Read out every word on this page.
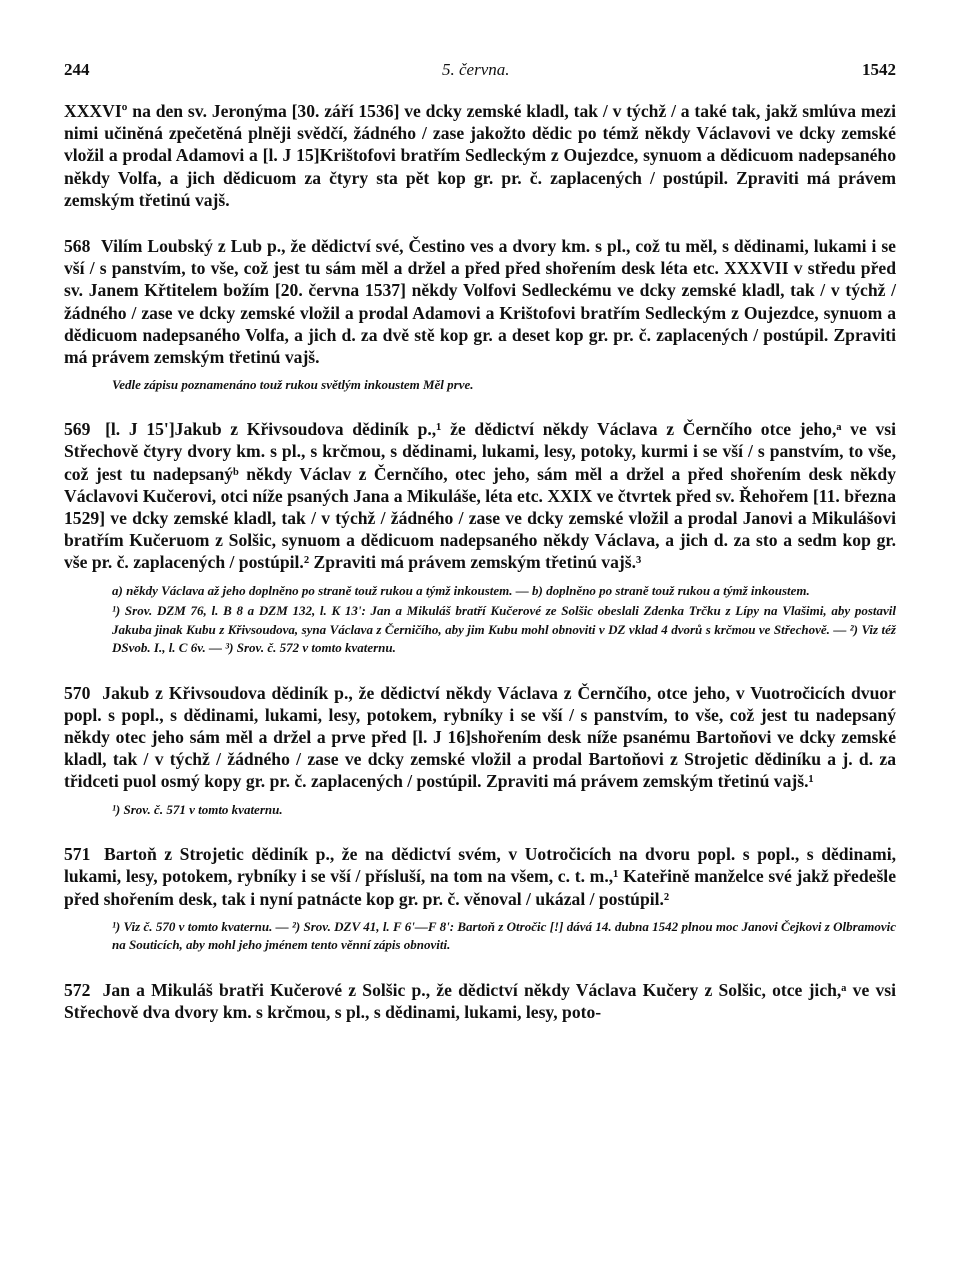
244	5. června.	1542
XXXVIº na den sv. Jeronýma [30. září 1536] ve dcky zemské kladl, tak / v týchž / a také tak, jakž smlúva mezi nimi učiněná zpečetěná plněji svědčí, žádného / zase jakožto dědic po témž někdy Václavovi ve dcky zemské vložil a prodal Adamovi a [l. J 15]Krištofovi bratřím Sedleckým z Oujezdce, synuom a dědicuom nadepsaného někdy Volfa, a jich dědicuom za čtyry sta pět kop gr. pr. č. zaplacených / postúpil. Zpraviti má právem zemským třetinú vajš.
568 Vilím Loubský z Lub p., že dědictví své, Čestino ves a dvory km. s pl., což tu měl, s dědinami, lukami i se vší / s panstvím, to vše, což jest tu sám měl a držel a před před shořením desk léta etc. XXXVII v středu před sv. Janem Křtitelem božím [20. června 1537] někdy Volfovi Sedleckému ve dcky zemské kladl, tak / v týchž / žádného / zase ve dcky zemské vložil a prodal Adamovi a Krištofovi bratřím Sedleckým z Oujezdce, synuom a dědicuom nadepsaného Volfa, a jich d. za dvě stě kop gr. a deset kop gr. pr. č. zaplacených / postúpil. Zpraviti má právem zemským třetinú vajš.
Vedle zápisu poznamenáno touž rukou světlým inkoustem Měl prve.
569 [l. J 15']Jakub z Křivsoudova dědiník p.,¹ že dědictví někdy Václava z Černčího otce jeho,ᵃ ve vsi Střechově čtyry dvory km. s pl., s krčmou, s dědinami, lukami, lesy, potoky, kurmi i se vší / s panstvím, to vše, což jest tu nadepsanýᵇ někdy Václav z Černčího, otec jeho, sám měl a držel a před shořením desk někdy Václavovi Kučerovi, otci níže psaných Jana a Mikuláše, léta etc. XXIX ve čtvrtek před sv. Řehořem [11. března 1529] ve dcky zemské kladl, tak / v týchž / žádného / zase ve dcky zemské vložil a prodal Janovi a Mikulášovi bratřím Kučeruom z Solšic, synuom a dědicuom nadepsaného někdy Václava, a jich d. za sto a sedm kop gr. vše pr. č. zaplacených / postúpil.² Zpraviti má právem zemským třetinú vajš.³
a) někdy Václava až jeho doplněno po straně touž rukou a týmž inkoustem. — b) doplněno po straně touž rukou a týmž inkoustem.
¹) Srov. DZM 76, l. B 8 a DZM 132, l. K 13': Jan a Mikuláš bratří Kučerové ze Solšic obeslali Zdenka Trčku z Lípy na Vlašimi, aby postavil Jakuba jinak Kubu z Křivsoudova, syna Václava z Černičího, aby jim Kubu mohl obnoviti v DZ vklad 4 dvorů s krčmou ve Střechově. — ²) Viz též DSvob. I., l. C 6v. — ³) Srov. č. 572 v tomto kvaternu.
570 Jakub z Křivsoudova dědiník p., že dědictví někdy Václava z Černčího, otce jeho, v Vuotročicích dvuor popl. s popl., s dědinami, lukami, lesy, potokem, rybníky i se vší / s panstvím, to vše, což jest tu nadepsaný někdy otec jeho sám měl a držel a prve před [l. J 16]shořením desk níže psanému Bartoňovi ve dcky zemské kladl, tak / v týchž / žádného / zase ve dcky zemské vložil a prodal Bartoňovi z Strojetic dědiníku a j. d. za třidceti puol osmý kopy gr. pr. č. zaplacených / postúpil. Zpraviti má právem zemským třetinú vajš.¹
¹) Srov. č. 571 v tomto kvaternu.
571 Bartoň z Strojetic dědiník p., že na dědictví svém, v Uotročicích na dvoru popl. s popl., s dědinami, lukami, lesy, potokem, rybníky i se vší / přísluší, na tom na všem, c. t. m.,¹ Kateřině manželce své jakž předešle před shořením desk, tak i nyní patnácte kop gr. pr. č. věnoval / ukázal / postúpil.²
¹) Viz č. 570 v tomto kvaternu. — ²) Srov. DZV 41, l. F 6'—F 8': Bartoň z Otročic [!] dává 14. dubna 1542 plnou moc Janovi Čejkovi z Olbramovic na Souticích, aby mohl jeho jménem tento věnní zápis obnoviti.
572 Jan a Mikuláš bratři Kučerové z Solšic p., že dědictví někdy Václava Kučery z Solšic, otce jich,ᵃ ve vsi Střechově dva dvory km. s krčmou, s pl., s dědinami, lukami, lesy, poto-
